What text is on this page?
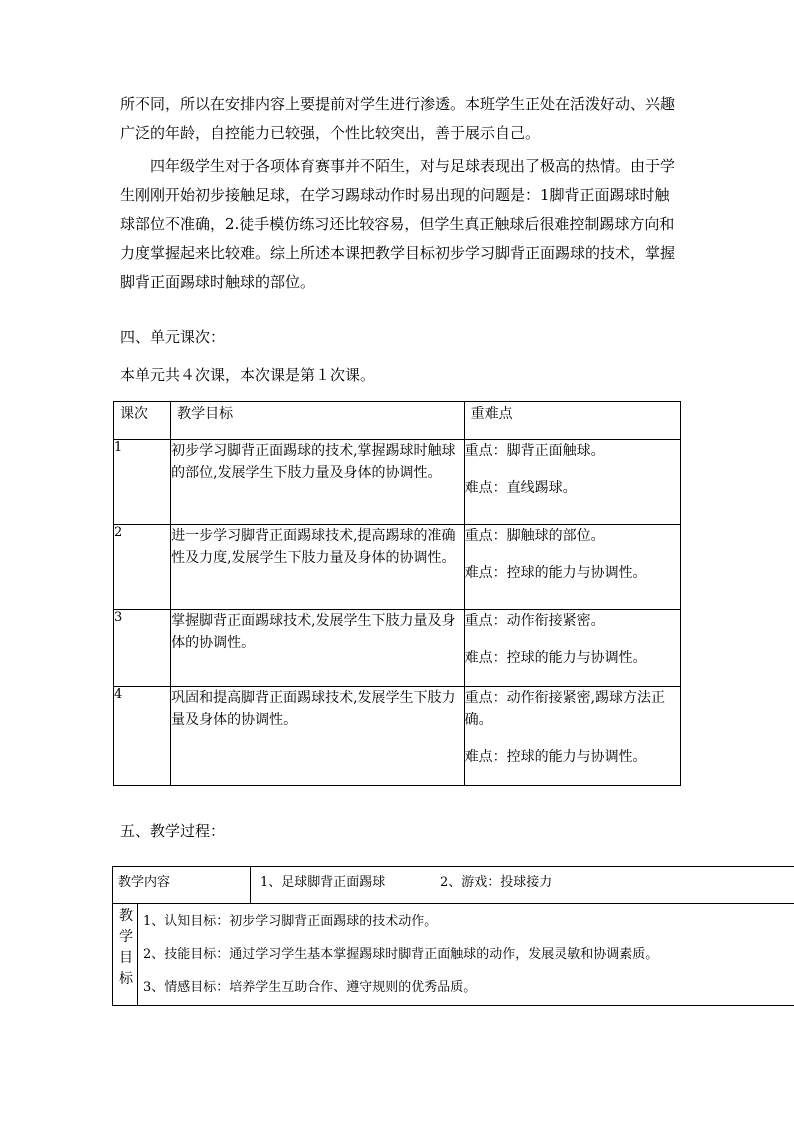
所不同，所以在安排内容上要提前对学生进行渗透。本班学生正处在活泼好动、兴趣广泛的年龄，自控能力已较强，个性比较突出，善于展示自己。

四年级学生对于各项体育赛事并不陌生，对与足球表现出了极高的热情。由于学生刚刚开始初步接触足球，在学习踢球动作时易出现的问题是：1脚背正面踢球时触球部位不准确，2.徒手模仿练习还比较容易，但学生真正触球后很难控制踢球方向和力度掌握起来比较难。综上所述本课把教学目标初步学习脚背正面踢球的技术，掌握脚背正面踢球时触球的部位。

四、单元课次：

本单元共４次课，本次课是第１次课。

课次	教学目标	重难点
1	初步学习脚背正面踢球的技术,掌握踢球时触球的部位,发展学生下肢力量及身体的协调性。	重点：脚背正面触球。

难点：直线踢球。

2	进一步学习脚背正面踢球技术,提高踢球的准确性及力度,发展学生下肢力量及身体的协调性。	重点：脚触球的部位。

难点：控球的能力与协调性。

3	掌握脚背正面踢球技术,发展学生下肢力量及身体的协调性。	重点：动作衔接紧密。

难点：控球的能力与协调性。

4	巩固和提高脚背正面踢球技术,发展学生下肢力量及身体的协调性。	重点：动作衔接紧密,踢球方法正确。

难点：控球的能力与协调性。

五、教学过程：

教学内容	1、足球脚背正面踢球	2、游戏：投球接力
教学目标
1、认知目标：初步学习脚背正面踢球的技术动作。
2、技能目标：通过学习学生基本掌握踢球时脚背正面触球的动作，发展灵敏和协调素质。
3、情感目标：培养学生互助合作、遵守规则的优秀品质。
